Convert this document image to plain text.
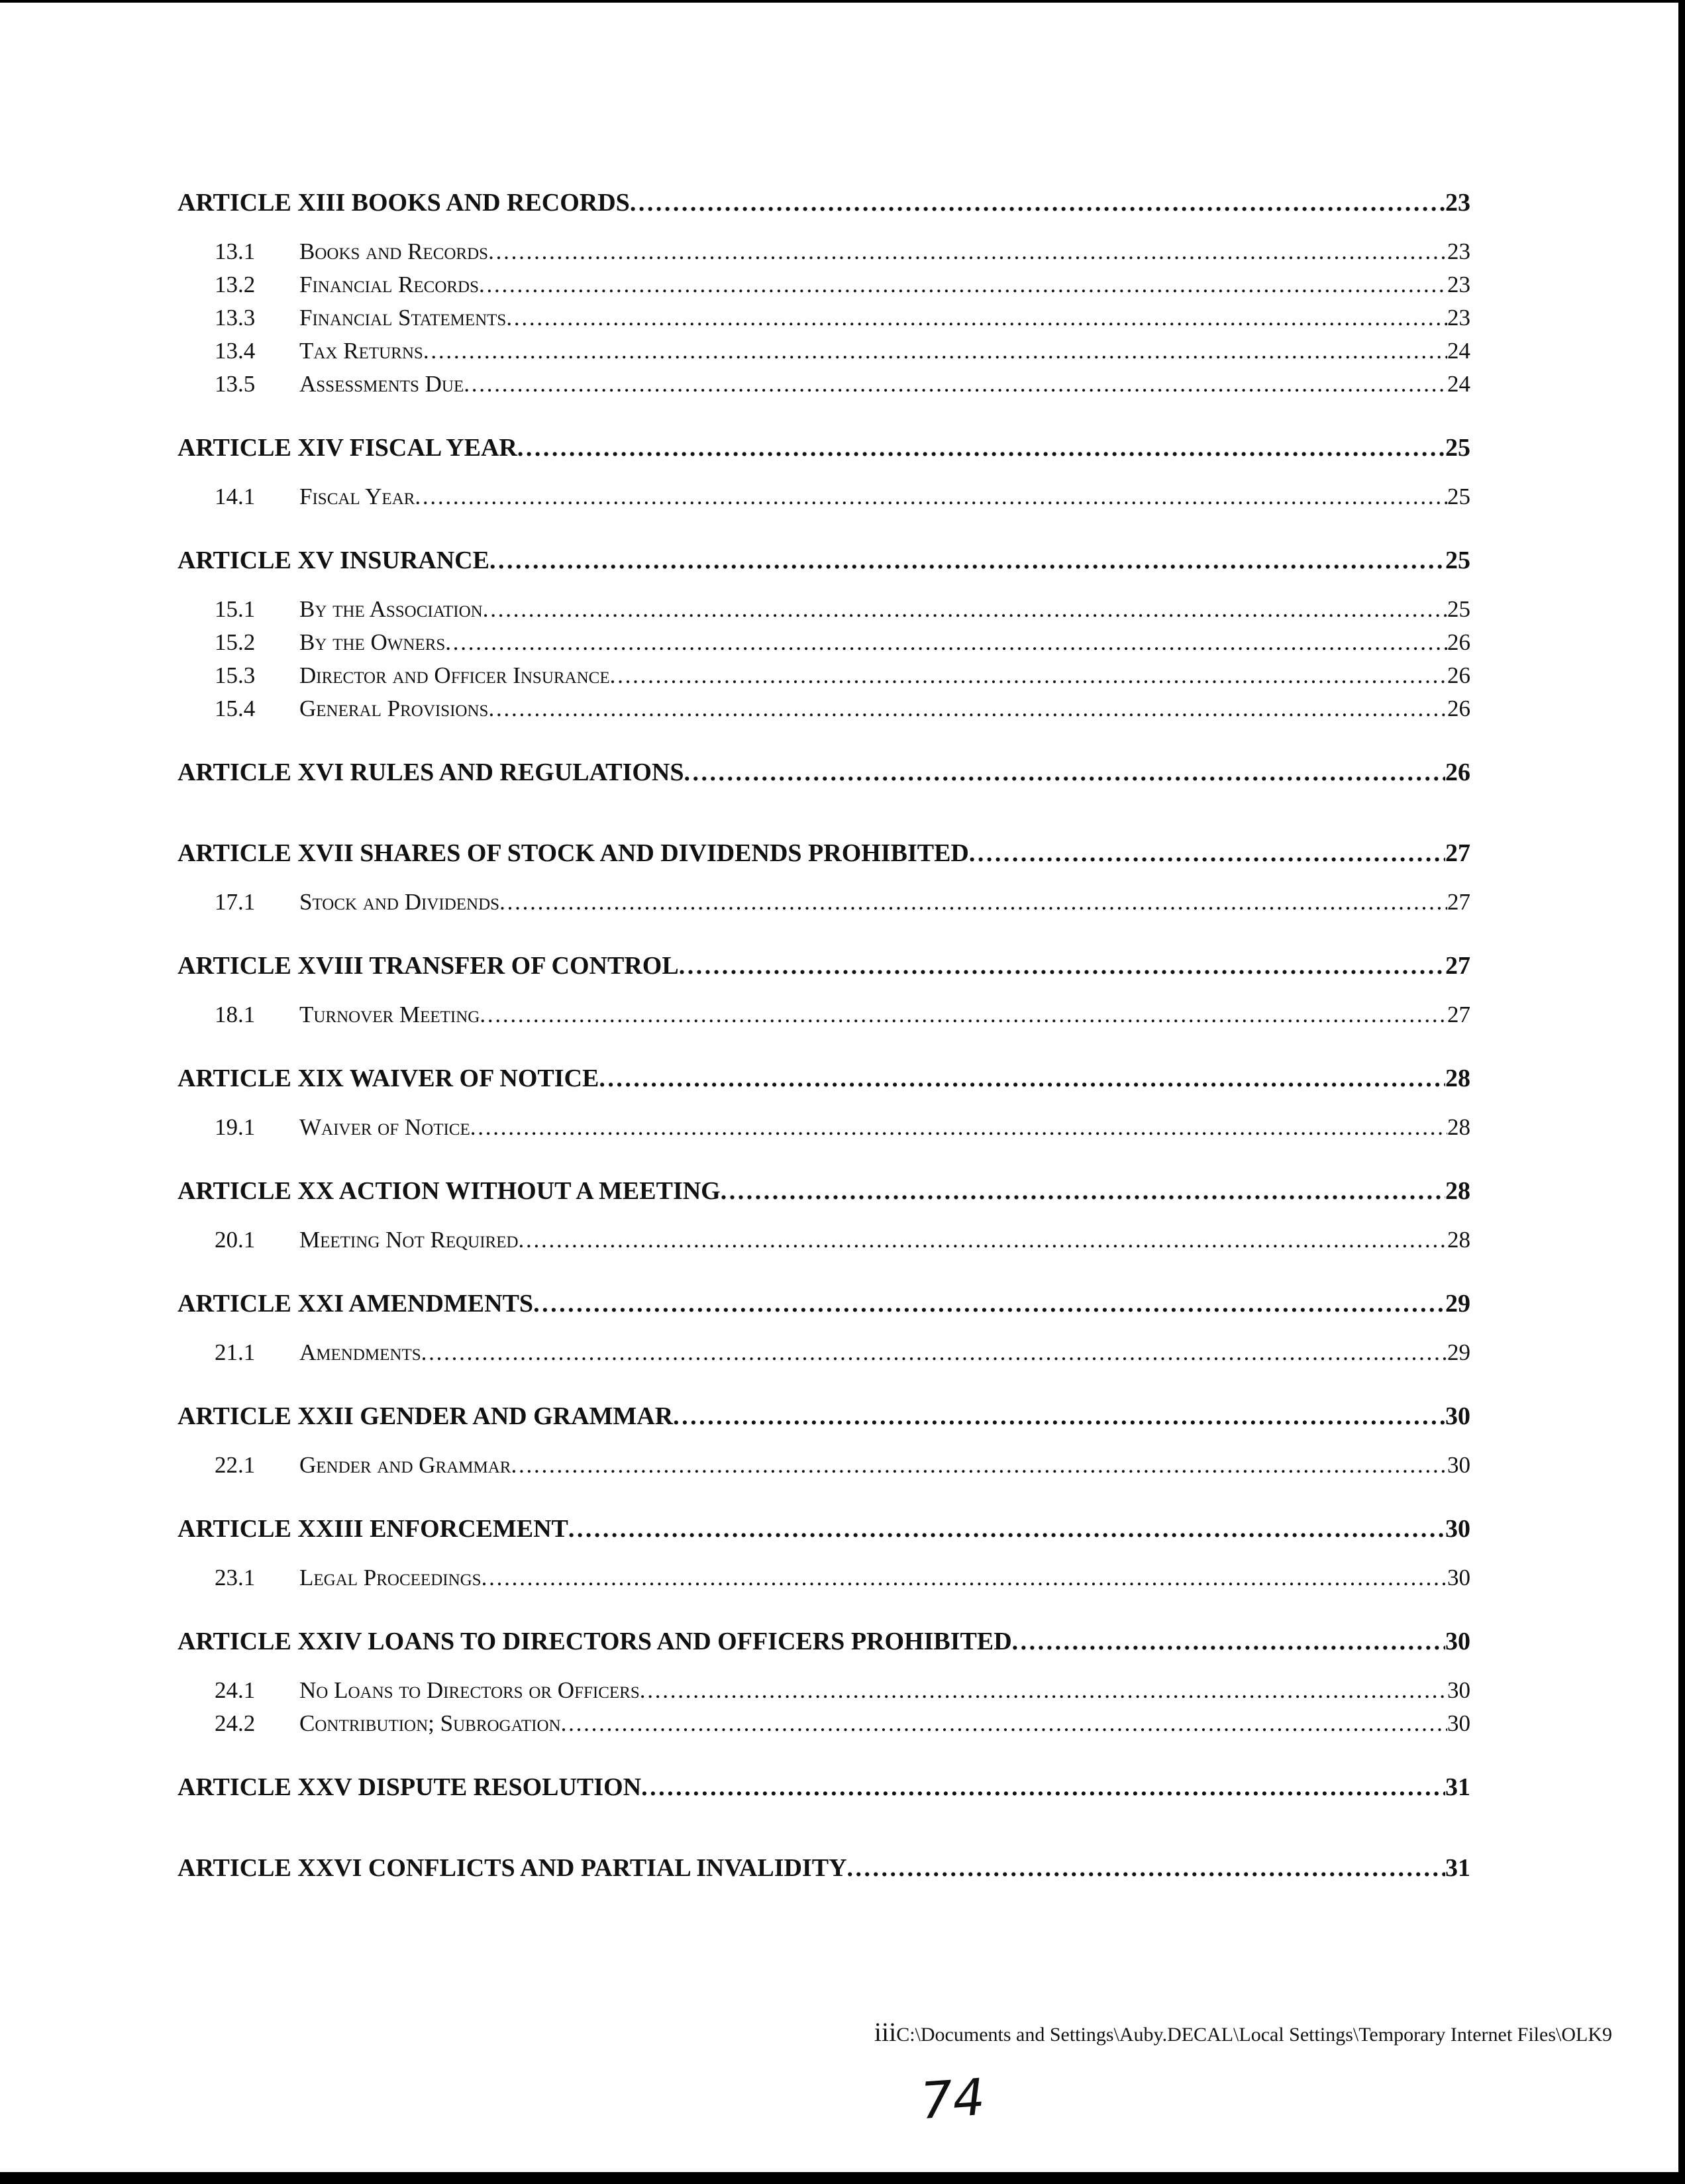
ARTICLE XIII BOOKS AND RECORDS . . .	23
13.1	Books and Records . . .	23
13.2	Financial Records . . .	23
13.3	Financial Statements . . .	23
13.4	Tax Returns . . .	24
13.5	Assessments Due . . .	24
ARTICLE XIV FISCAL YEAR . . .	25
14.1	Fiscal Year . . .	25
ARTICLE XV INSURANCE . . .	25
15.1	By the Association . . .	25
15.2	By the Owners . . .	26
15.3	Director and Officer Insurance . . .	26
15.4	General Provisions . . .	26
ARTICLE XVI RULES AND REGULATIONS . . .	26
ARTICLE XVII SHARES OF STOCK AND DIVIDENDS PROHIBITED . . .	27
17.1	Stock and Dividends . . .	27
ARTICLE XVIII TRANSFER OF CONTROL . . .	27
18.1	Turnover Meeting . . .	27
ARTICLE XIX WAIVER OF NOTICE . . .	28
19.1	Waiver of Notice . . .	28
ARTICLE XX ACTION WITHOUT A MEETING . . .	28
20.1	Meeting Not Required . . .	28
ARTICLE XXI AMENDMENTS . . .	29
21.1	Amendments . . .	29
ARTICLE XXII GENDER AND GRAMMAR . . .	30
22.1	Gender and Grammar . . .	30
ARTICLE XXIII ENFORCEMENT . . .	30
23.1	Legal Proceedings . . .	30
ARTICLE XXIV LOANS TO DIRECTORS AND OFFICERS PROHIBITED . . .	30
24.1	No Loans to Directors or Officers . . .	30
24.2	Contribution; Subrogation . . .	30
ARTICLE XXV DISPUTE RESOLUTION . . .	31
ARTICLE XXVI CONFLICTS AND PARTIAL INVALIDITY . . .	31
iiiC:\Documents and Settings\Auby.DECAL\Local Settings\Temporary Internet Files\OLK9
74
